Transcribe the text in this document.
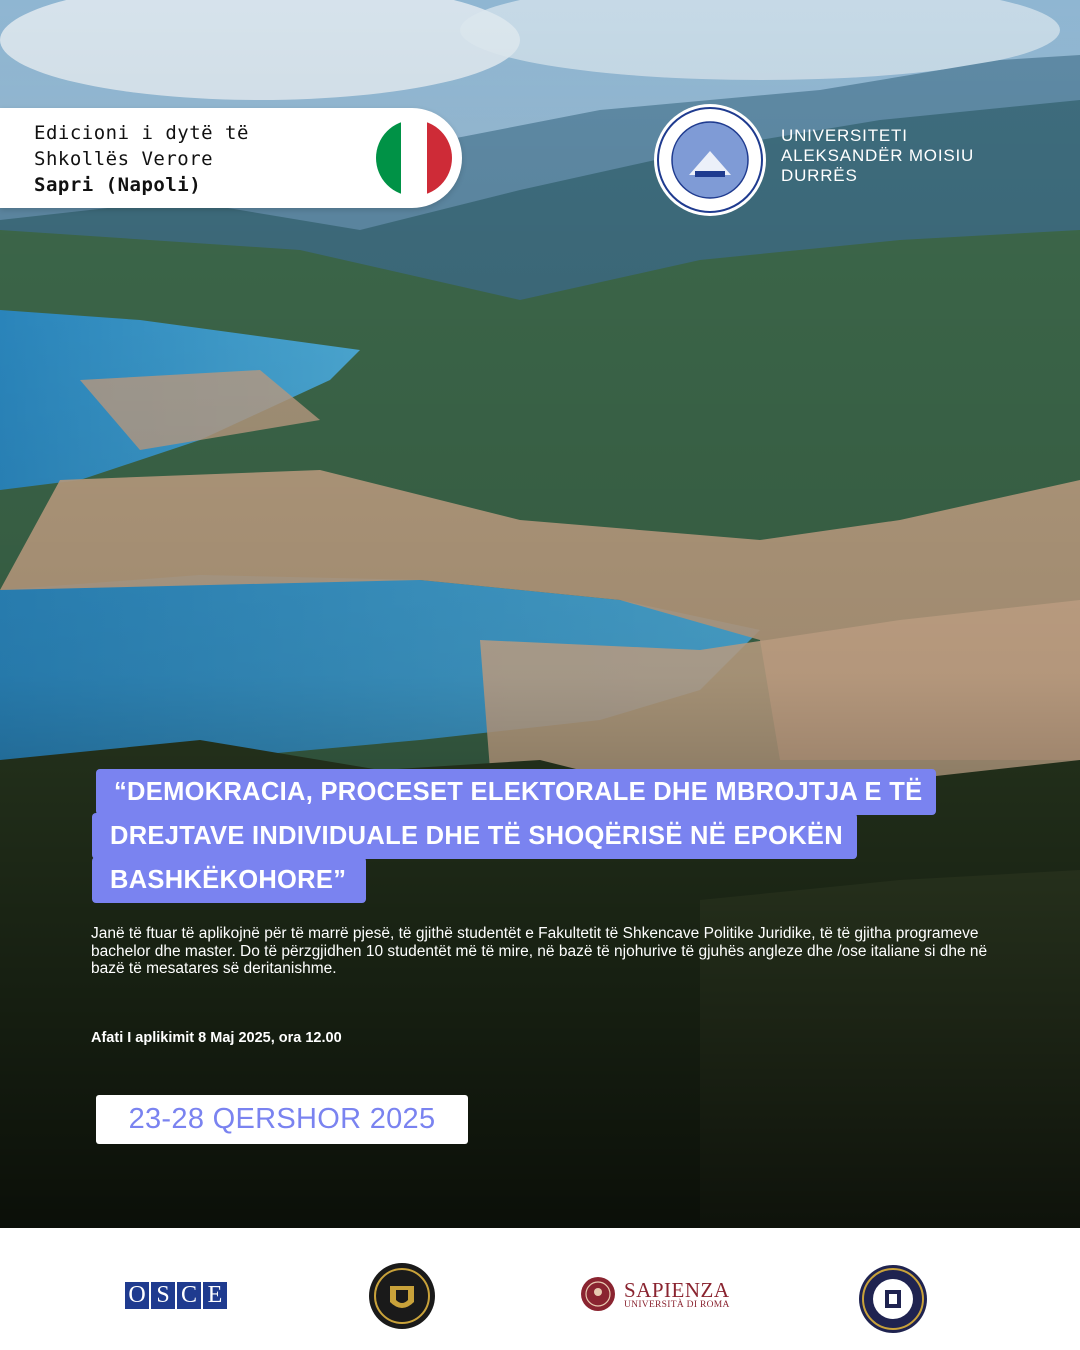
Edicioni i dytë të
Shkollës Verore
Sapri (Napoli)
UNIVERSITETI
ALEKSANDËR MOISIU
DURRËS
“DEMOKRACIA, PROCESET ELEKTORALE DHE MBROJTJA E TË
DREJTAVE INDIVIDUALE DHE TË SHOQËRISË NË EPOKËN
BASHKËKOHORE”
Janë të ftuar të aplikojnë për të marrë pjesë, të gjithë studentët e Fakultetit të Shkencave Politike Juridike, të të gjitha programeve bachelor dhe master. Do të përzgjidhen 10 studentët më të mire, në bazë të njohurive të gjuhës angleze dhe /ose italiane si dhe në bazë të mesatares së deritanishme.
Afati I aplikimit 8 Maj 2025, ora 12.00
23-28 QERSHOR 2025
O S C E	SAPIENZA
UNIVERSITÀ DI ROMA
